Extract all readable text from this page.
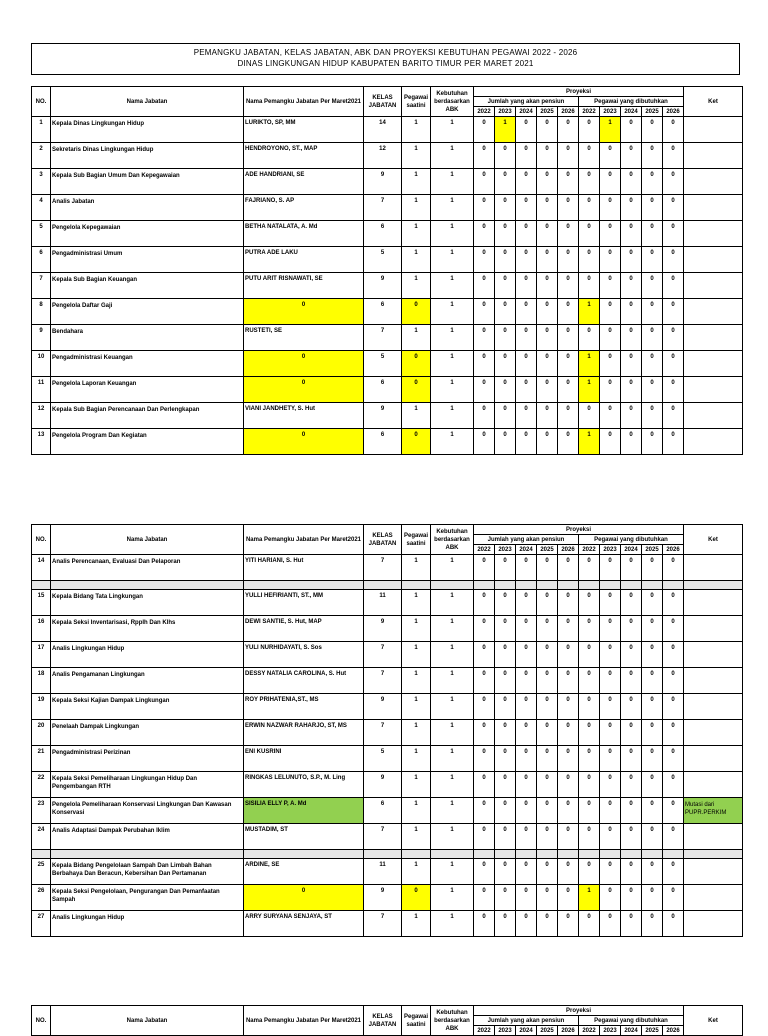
PEMANGKU JABATAN, KELAS JABATAN, ABK DAN PROYEKSI KEBUTUHAN PEGAWAI 2022 - 2026
DINAS LINGKUNGAN HIDUP KABUPATEN BARITO TIMUR PER MARET 2021
NO.	Nama Jabatan	Nama Pemangku Jabatan Per Maret2021	KELAS JABATAN	Pegawai saatini	Kebutuhan berdasarkan ABK	Proyeksi										Ket
						Jumlah yang akan pensiun					Pegawai yang dibutuhkan					
						2022	2023	2024	2025	2026	2022	2023	2024	2025	2026	
1	Kepala Dinas Lingkungan Hidup	LURIKTO, SP, MM	14	1	1	0	1	0	0	0	0	1	0	0	0	
2	Sekretaris Dinas Lingkungan Hidup	HENDROYONO, ST., MAP	12	1	1	0	0	0	0	0	0	0	0	0	0	
3	Kepala Sub Bagian Umum Dan Kepegawaian	ADE HANDRIANI, SE	9	1	1	0	0	0	0	0	0	0	0	0	0	
4	Analis Jabatan	FAJRIANO, S. AP	7	1	1	0	0	0	0	0	0	0	0	0	0	
5	Pengelola Kepegawaian	BETHA NATALATA, A. Md	6	1	1	0	0	0	0	0	0	0	0	0	0	
6	Pengadministrasi Umum	PUTRA ADE LAKU	5	1	1	0	0	0	0	0	0	0	0	0	0	
7	Kepala Sub Bagian Keuangan	PUTU ARIT RISNAWATI, SE	9	1	1	0	0	0	0	0	0	0	0	0	0	
8	Pengelola Daftar Gaji	0	6	0	1	0	0	0	0	0	1	0	0	0	0	
9	Bendahara	RUSTETI, SE	7	1	1	0	0	0	0	0	0	0	0	0	0	
10	Pengadministrasi Keuangan	0	5	0	1	0	0	0	0	0	1	0	0	0	0	
11	Pengelola Laporan Keuangan	0	6	0	1	0	0	0	0	0	1	0	0	0	0	
12	Kepala Sub Bagian Perencanaan Dan Perlengkapan	VIANI JANDHETY, S. Hut	9	1	1	0	0	0	0	0	0	0	0	0	0	
13	Pengelola Program Dan Kegiatan	0	6	0	1	0	0	0	0	0	1	0	0	0	0	
NO.	Nama Jabatan	Nama Pemangku Jabatan Per Maret2021	KELAS JABATAN	Pegawai saatini	Kebutuhan berdasarkan ABK	Proyeksi										Ket
						Jumlah yang akan pensiun					Pegawai yang dibutuhkan					
						2022	2023	2024	2025	2026	2022	2023	2024	2025	2026	
14	Analis Perencanaan, Evaluasi Dan Pelaporan	YITI HARIANI, S. Hut	7	1	1	0	0	0	0	0	0	0	0	0	0	

15	Kepala Bidang Tata Lingkungan	YULLI HEFIRIANTI, ST., MM	11	1	1	0	0	0	0	0	0	0	0	0	0	
16	Kepala Seksi Inventarisasi, Rpplh Dan Klhs	DEWI SANTIE, S. Hut, MAP	9	1	1	0	0	0	0	0	0	0	0	0	0	
17	Analis Lingkungan Hidup	YULI NURHIDAYATI, S. Sos	7	1	1	0	0	0	0	0	0	0	0	0	0	
18	Analis Pengamanan Lingkungan	DESSY NATALIA CAROLINA, S. Hut	7	1	1	0	0	0	0	0	0	0	0	0	0	
19	Kepala Seksi Kajian Dampak Lingkungan	ROY PRIHATENIA,ST., MS	9	1	1	0	0	0	0	0	0	0	0	0	0	
20	Penelaah Dampak Lingkungan	ERWIN NAZWAR RAHARJO, ST, MS	7	1	1	0	0	0	0	0	0	0	0	0	0	
21	Pengadministrasi Perizinan	ENI KUSRINI	5	1	1	0	0	0	0	0	0	0	0	0	0	
22	Kepala Seksi Pemeliharaan Lingkungan Hidup Dan Pengembangan RTH	RINGKAS LELUNUTO, S.P., M. Ling	9	1	1	0	0	0	0	0	0	0	0	0	0	
23	Pengelola Pemeliharaan Konservasi Lingkungan Dan Kawasan Konservasi	SISILIA ELLY P, A. Md	6	1	1	0	0	0	0	0	0	0	0	0	0	Mutasi dari PUPR.PERKIM
24	Analis Adaptasi Dampak Perubahan Iklim	MUSTADIM, ST	7	1	1	0	0	0	0	0	0	0	0	0	0	

25	Kepala Bidang Pengelolaan Sampah Dan Limbah Bahan Berbahaya Dan Beracun, Kebersihan Dan Pertamanan	ARDINE, SE	11	1	1	0	0	0	0	0	0	0	0	0	0	
26	Kepala Seksi Pengelolaan, Pengurangan Dan Pemanfaatan Sampah	0	9	0	1	0	0	0	0	0	1	0	0	0	0	
27	Analis Lingkungan Hidup	ARRY SURYANA SENJAYA, ST	7	1	1	0	0	0	0	0	0	0	0	0	0	
NO.	Nama Jabatan	Nama Pemangku Jabatan Per Maret2021	KELAS JABATAN	Pegawai saatini	Kebutuhan berdasarkan ABK	Proyeksi										Ket
						Jumlah yang akan pensiun					Pegawai yang dibutuhkan					
						2022	2023	2024	2025	2026	2022	2023	2024	2025	2026	
